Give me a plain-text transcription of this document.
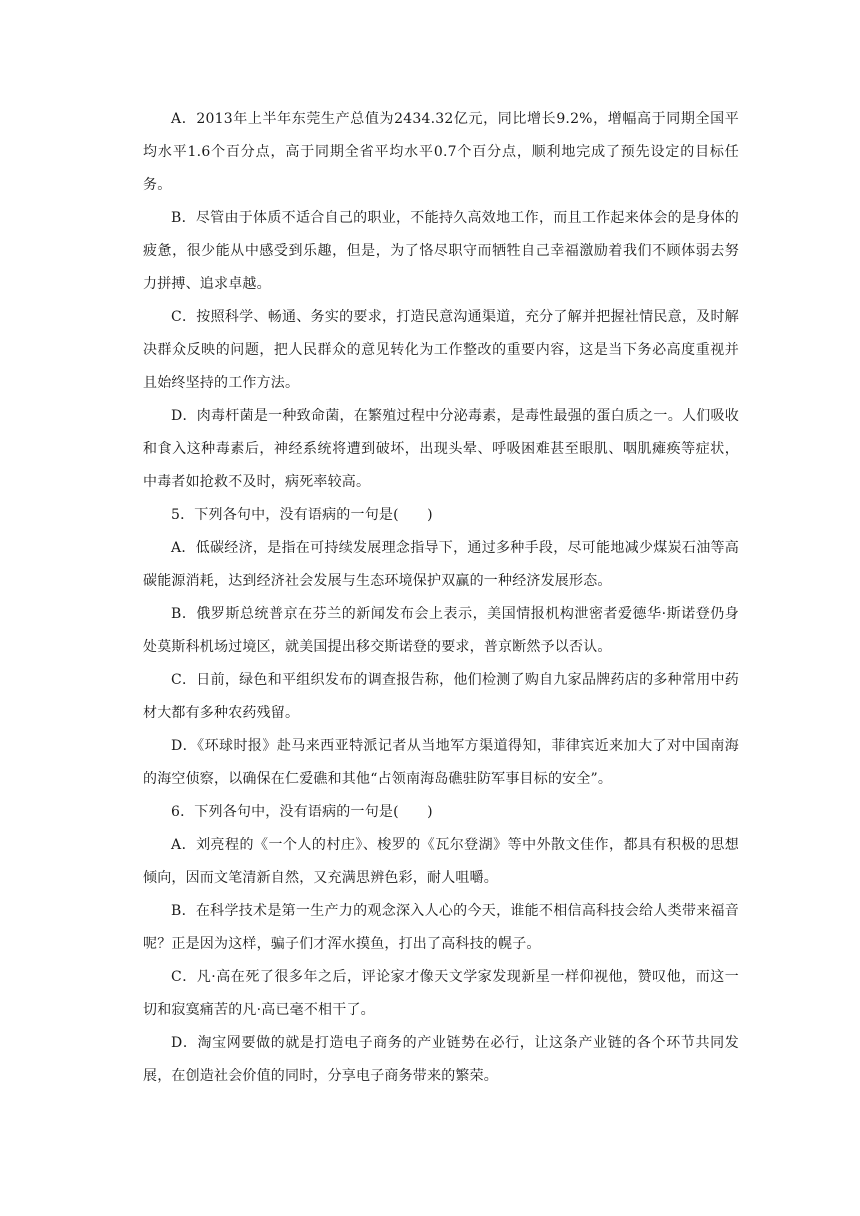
A．2013年上半年东莞生产总值为2434.32亿元，同比增长9.2%，增幅高于同期全国平均水平1.6个百分点，高于同期全省平均水平0.7个百分点，顺利地完成了预先设定的目标任务。

B．尽管由于体质不适合自己的职业，不能持久高效地工作，而且工作起来体会的是身体的疲惫，很少能从中感受到乐趣，但是，为了恪尽职守而牺牲自己幸福激励着我们不顾体弱去努力拼搏、追求卓越。

C．按照科学、畅通、务实的要求，打造民意沟通渠道，充分了解并把握社情民意，及时解决群众反映的问题，把人民群众的意见转化为工作整改的重要内容，这是当下务必高度重视并且始终坚持的工作方法。

D．肉毒杆菌是一种致命菌，在繁殖过程中分泌毒素，是毒性最强的蛋白质之一。人们吸收和食入这种毒素后，神经系统将遭到破坏，出现头晕、呼吸困难甚至眼肌、咽肌瘫痪等症状，中毒者如抢救不及时，病死率较高。

5．下列各句中，没有语病的一句是(　　)

A．低碳经济，是指在可持续发展理念指导下，通过多种手段，尽可能地减少煤炭石油等高碳能源消耗，达到经济社会发展与生态环境保护双赢的一种经济发展形态。

B．俄罗斯总统普京在芬兰的新闻发布会上表示，美国情报机构泄密者爱德华·斯诺登仍身处莫斯科机场过境区，就美国提出移交斯诺登的要求，普京断然予以否认。

C．日前，绿色和平组织发布的调查报告称，他们检测了购自九家品牌药店的多种常用中药材大都有多种农药残留。

D．《环球时报》赴马来西亚特派记者从当地军方渠道得知，菲律宾近来加大了对中国南海的海空侦察，以确保在仁爱礁和其他“占领南海岛礁驻防军事目标的安全”。

6．下列各句中，没有语病的一句是(　　)

A．刘亮程的《一个人的村庄》、梭罗的《瓦尔登湖》等中外散文佳作，都具有积极的思想倾向，因而文笔清新自然，又充满思辨色彩，耐人咀嚼。

B．在科学技术是第一生产力的观念深入人心的今天，谁能不相信高科技会给人类带来福音呢？正是因为这样，骗子们才浑水摸鱼，打出了高科技的幌子。

C．凡·高在死了很多年之后，评论家才像天文学家发现新星一样仰视他，赞叹他，而这一切和寂寞痛苦的凡·高已毫不相干了。

D．淘宝网要做的就是打造电子商务的产业链势在必行，让这条产业链的各个环节共同发展，在创造社会价值的同时，分享电子商务带来的繁荣。
